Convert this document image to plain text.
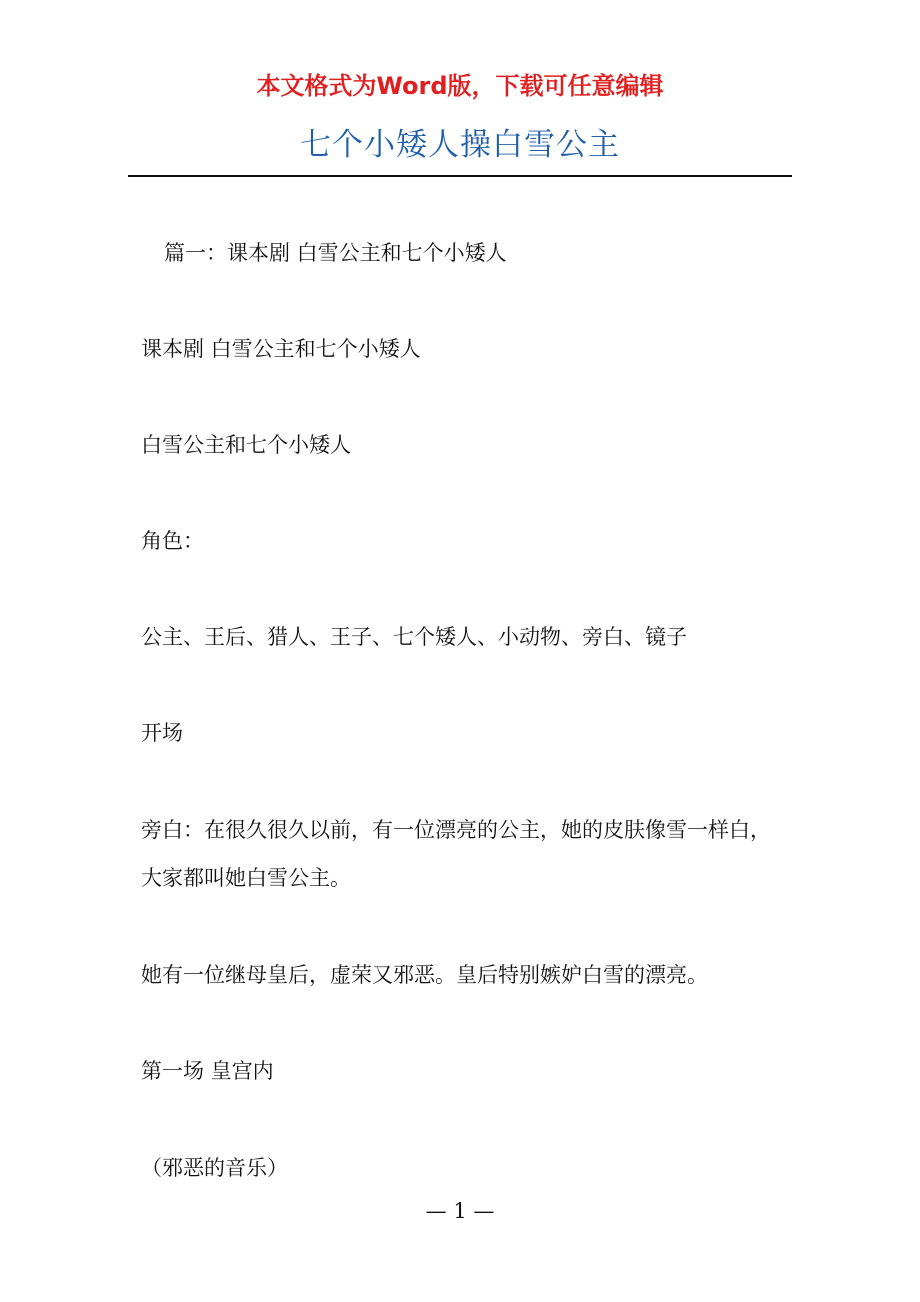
本文格式为Word版，下载可任意编辑
七个小矮人操白雪公主
篇一：课本剧 白雪公主和七个小矮人
课本剧 白雪公主和七个小矮人
白雪公主和七个小矮人
角色：
公主、王后、猎人、王子、七个矮人、小动物、旁白、镜子
开场
旁白：在很久很久以前，有一位漂亮的公主，她的皮肤像雪一样白，大家都叫她白雪公主。
她有一位继母皇后，虚荣又邪恶。皇后特别嫉妒白雪的漂亮。
第一场 皇宫内
（邪恶的音乐）
— 1 —
